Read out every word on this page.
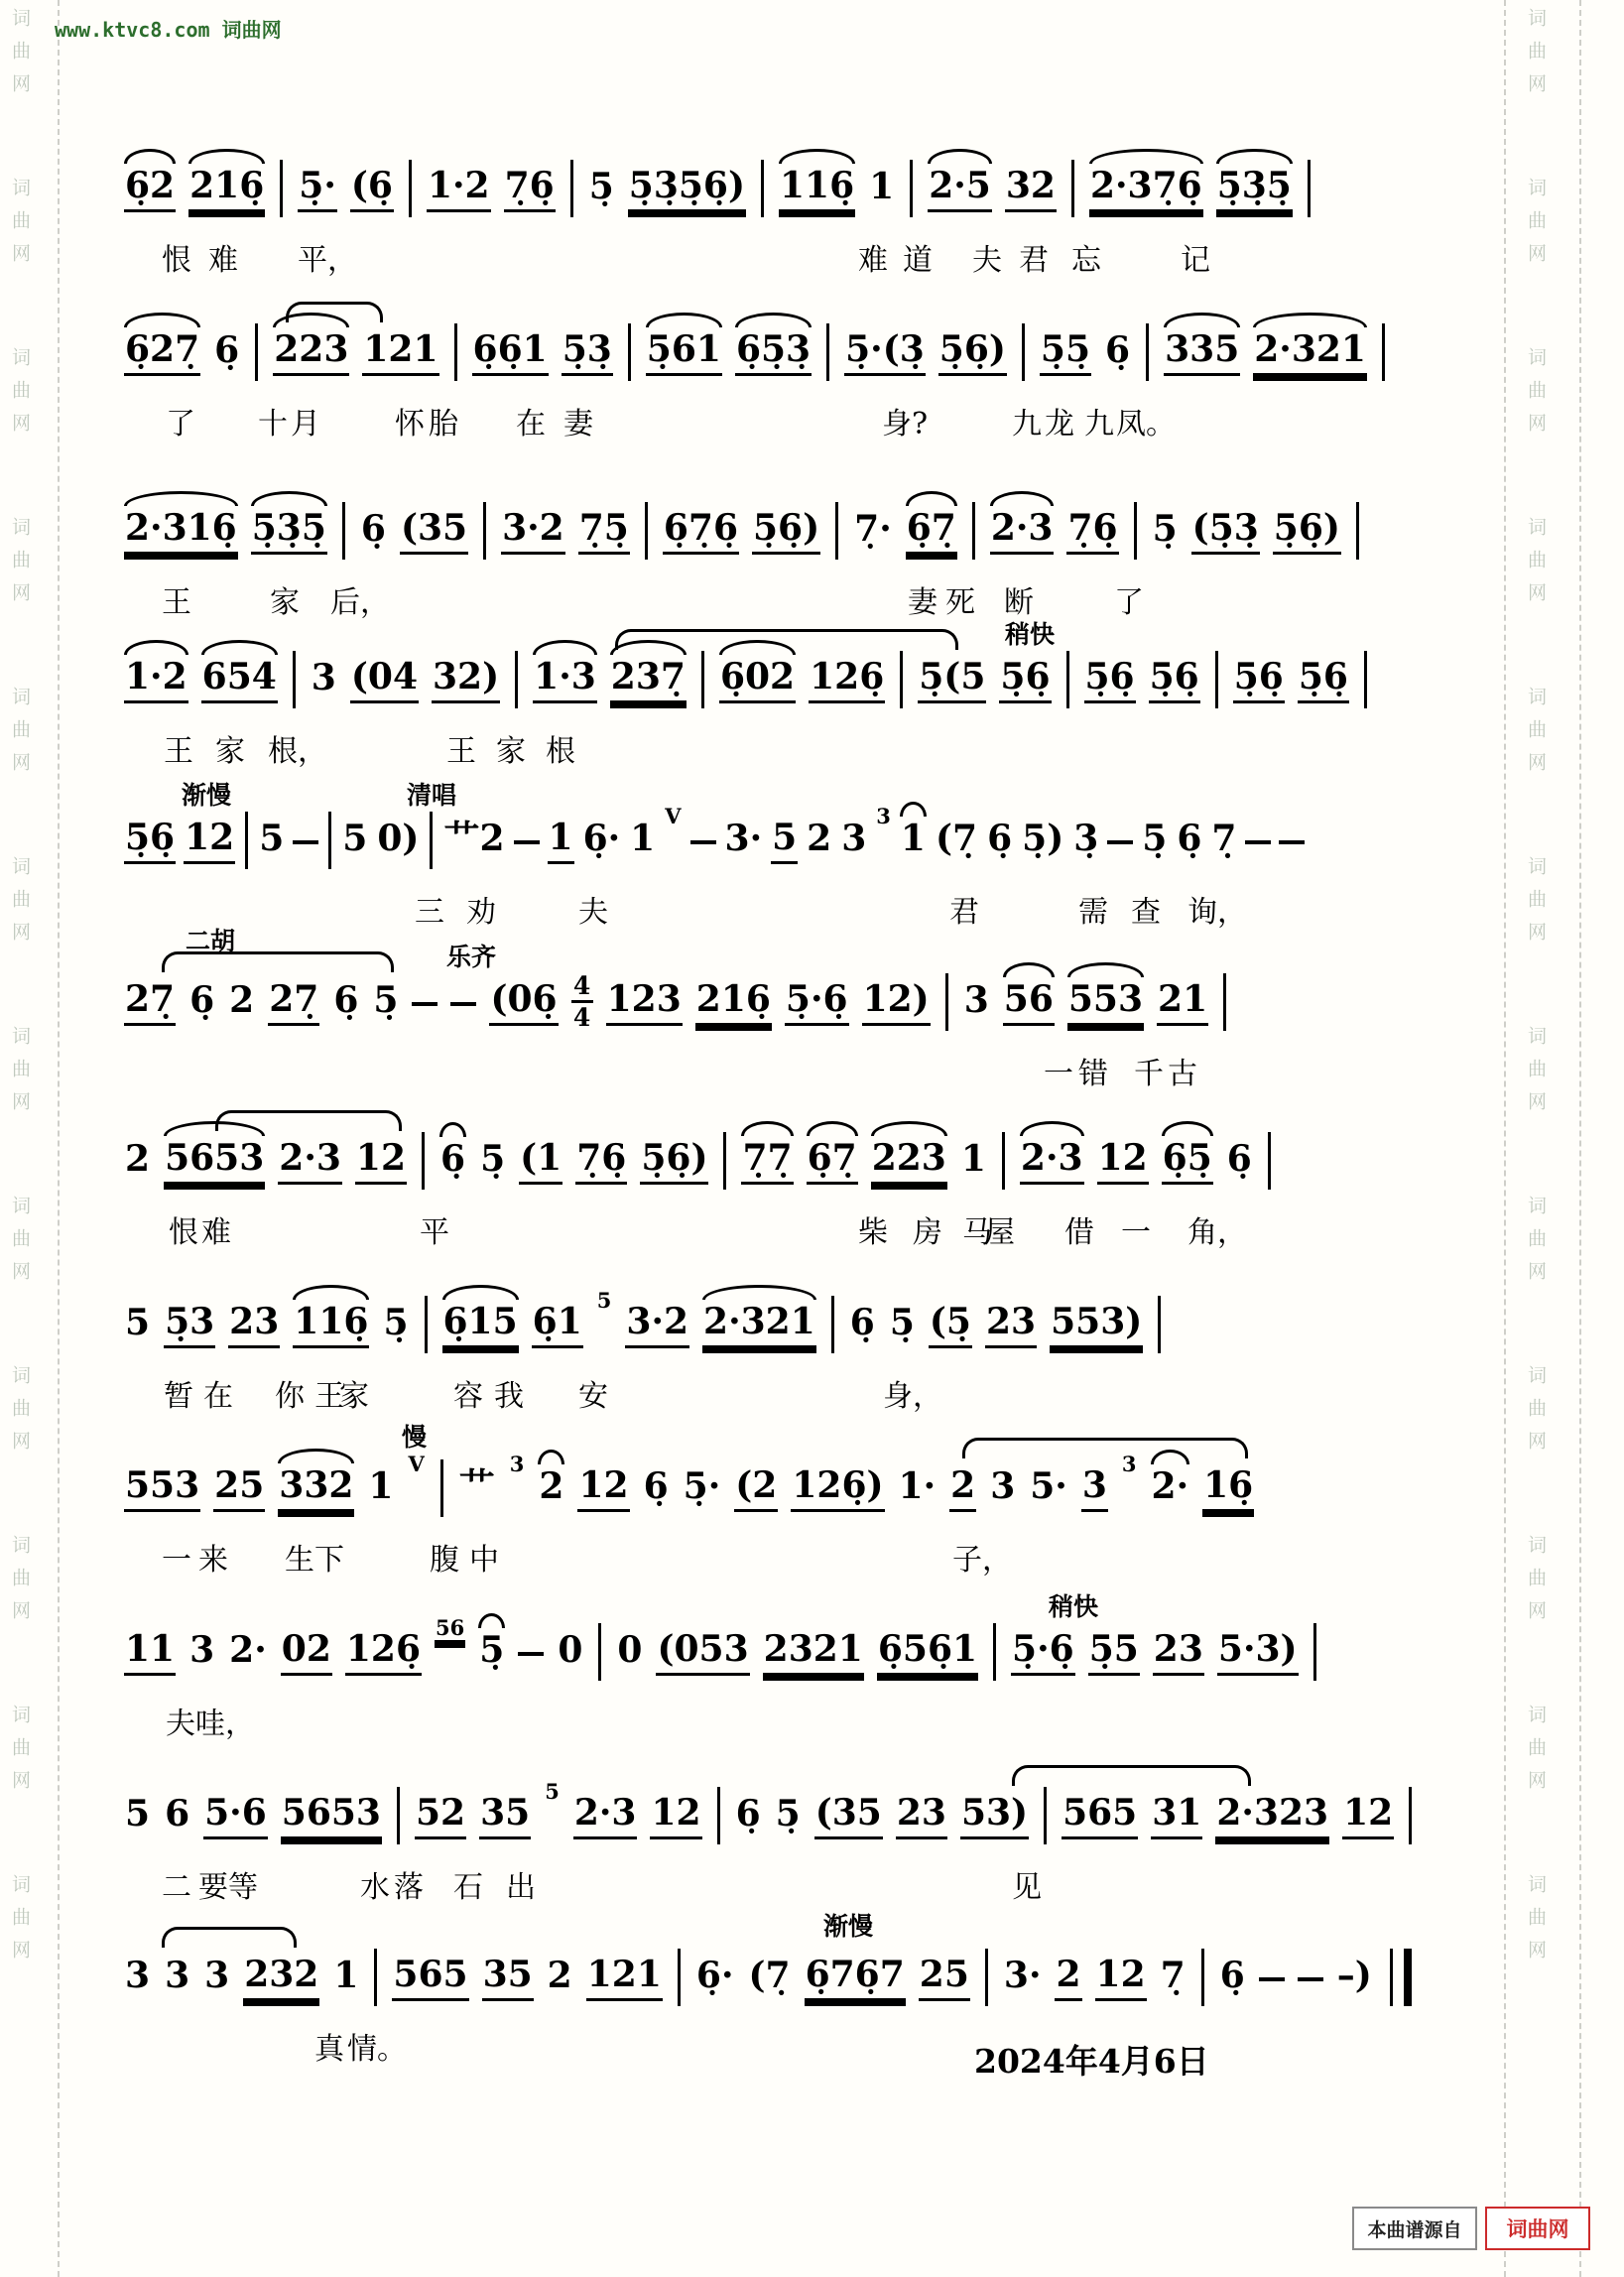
词曲网  词曲网  词曲网  词曲网  词曲网  词曲网  词曲网  词曲网  词曲网  词曲网  词曲网  词曲网	词曲网  词曲网  词曲网  词曲网  词曲网  词曲网  词曲网  词曲网  词曲网  词曲网  词曲网  词曲网
www.ktvc8.com 词曲网
6̣2 216̣ 5̣· (6̣ 1·2 7̣6̣ 5̣ 5̣3̣5̣6̣) 116̣ 1 2·5 32 2·37̣6̣ 5̣3̣5̣
恨 难 平，	难 道 夫 君 忘	记
6̣27̣ 6̣ 223 121 6̣6̣1 5̣3̣ 5̣61 6̣5̣3̣ 5̣·(3̣ 5̣6̣) 5̣5̣ 6̣ 335 2·321
了 十 月	怀 胎 在 妻	身?	九 龙 九 凤。
2·316̣ 5̣3̣5̣ 6̣ (35 3·2 7̣5̣ 6̣7̣6̣ 5̣6̣) 7̣· 6̣7̣ 2·3 7̣6̣ 5̣ (5̣3̣ 5̣6̣)
王	家 后，	妻 死 断	了
稍快
1·2 654 3 (04 32) 1·3 237̣ 6̣02 126̣ 5̣(5 5̣6̣ 5̣6̣ 5̣6̣ 5̣6̣ 5̣6̣
王 家 根，	王 家 根
渐慢	清唱
5̣6̣ 12 5 5 0) 艹2 1 6̣· 1
V
3· 5 2 3
3
1 (7̣ 6̣ 5̣) 3̣ 5̣ 6̣ 7̣
三 劝	夫	君	需 查 询，
二胡
乐齐
27̣ 6̣ 2 27̣ 6̣ 5̣	(06̣ $\frac{4}{4} 123$ 216̣ 5̣·6̣ 12) 3 56 553 21
一 错 千 古
2 5653 2·3 12 6̣ 5̣ (1 7̣6̣ 5̣6̣) 7̣7̣ 6̣7̣ 223 1 2·3 12 6̣5̣ 6̣
恨 难	平	柴 房 马
屋 借 一 角，
5 5̣3 23 116̣ 5̣ 6̣15 6̣1 5 3·2 2·321 6̣ 5̣ (5̣ 23 553)
暂 在 你 王
家	容 我 安	身，
慢
553 25 332 1
V
艹
3
2 12 6̣ 5̣· (2 126̣) 1· 2 3 5· 3 3
2· 16̣
一 来 生 下	腹 中	子，
稍快
11 3 2· 02 126̣ 56
5̣ 0 0 (053 2321 6̣56̣1 5̣·6̣ 5̣5 23 5·3)
夫 哇，
5 6 5·6 5653 52 35 5 2·3 12 6̣ 5̣ (35 23 53) 565 31 2·323 12
二 要 等	水 落 石 出	见
渐慢
3 3 3 232 1 565 35 2 121 6̣· (7̣ 6̣76̣7 25 3· 2 12 7̣ 6̣	–)
真 情。	2024年4月6日
本曲谱源自	词曲网
